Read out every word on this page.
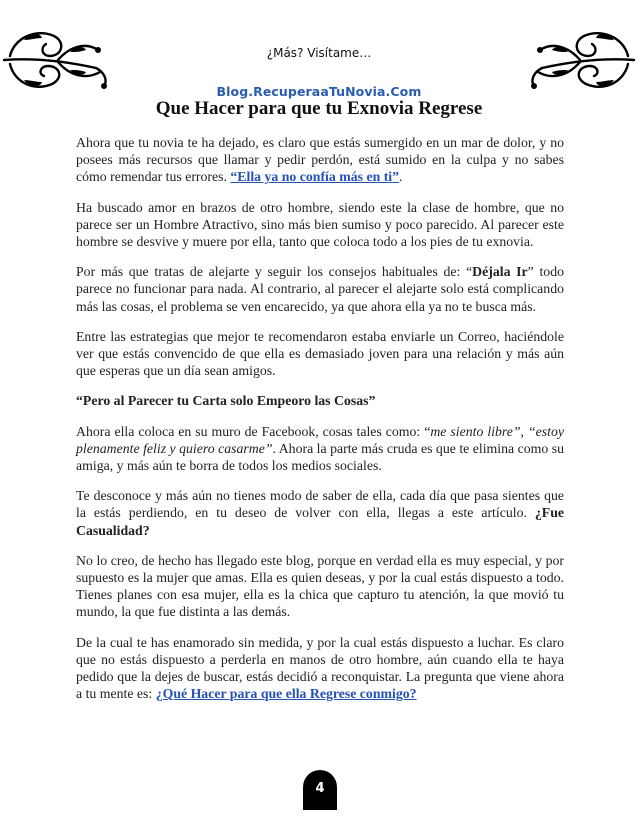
¿Más? Visítame…
Blog.RecuperaaTuNovia.Com
Que Hacer para que tu Exnovia Regrese

Ahora que tu novia te ha dejado, es claro que estás sumergido en un mar de dolor, y no posees más recursos que llamar y pedir perdón, está sumido en la culpa y no sabes cómo remendar tus errores. “Ella ya no confía más en ti”.

Ha buscado amor en brazos de otro hombre, siendo este la clase de hombre, que no parece ser un Hombre Atractivo, sino más bien sumiso y poco parecido. Al parecer este hombre se desvive y muere por ella, tanto que coloca todo a los pies de tu exnovia.

Por más que tratas de alejarte y seguir los consejos habituales de: “Déjala Ir” todo parece no funcionar para nada. Al contrario, al parecer el alejarte solo está complicando más las cosas, el problema se ven encarecido, ya que ahora ella ya no te busca más.

Entre las estrategias que mejor te recomendaron estaba enviarle un Correo, haciéndole ver que estás convencido de que ella es demasiado joven para una relación y más aún que esperas que un día sean amigos.

“Pero al Parecer tu Carta solo Empeoro las Cosas”

Ahora ella coloca en su muro de Facebook, cosas tales como: “me siento libre”, “estoy plenamente feliz y quiero casarme”. Ahora la parte más cruda es que te elimina como su amiga, y más aún te borra de todos los medios sociales.

Te desconoce y más aún no tienes modo de saber de ella, cada día que pasa sientes que la estás perdiendo, en tu deseo de volver con ella, llegas a este artículo. ¿Fue Casualidad?

No lo creo, de hecho has llegado este blog, porque en verdad ella es muy especial, y por supuesto es la mujer que amas. Ella es quien deseas, y por la cual estás dispuesto a todo. Tienes planes con esa mujer, ella es la chica que capturo tu atención, la que movió tu mundo, la que fue distinta a las demás.

De la cual te has enamorado sin medida, y por la cual estás dispuesto a luchar. Es claro que no estás dispuesto a perderla en manos de otro hombre, aún cuando ella te haya pedido que la dejes de buscar, estás decidió a reconquistar. La pregunta que viene ahora a tu mente es: ¿Qué Hacer para que ella Regrese conmigo?

4
